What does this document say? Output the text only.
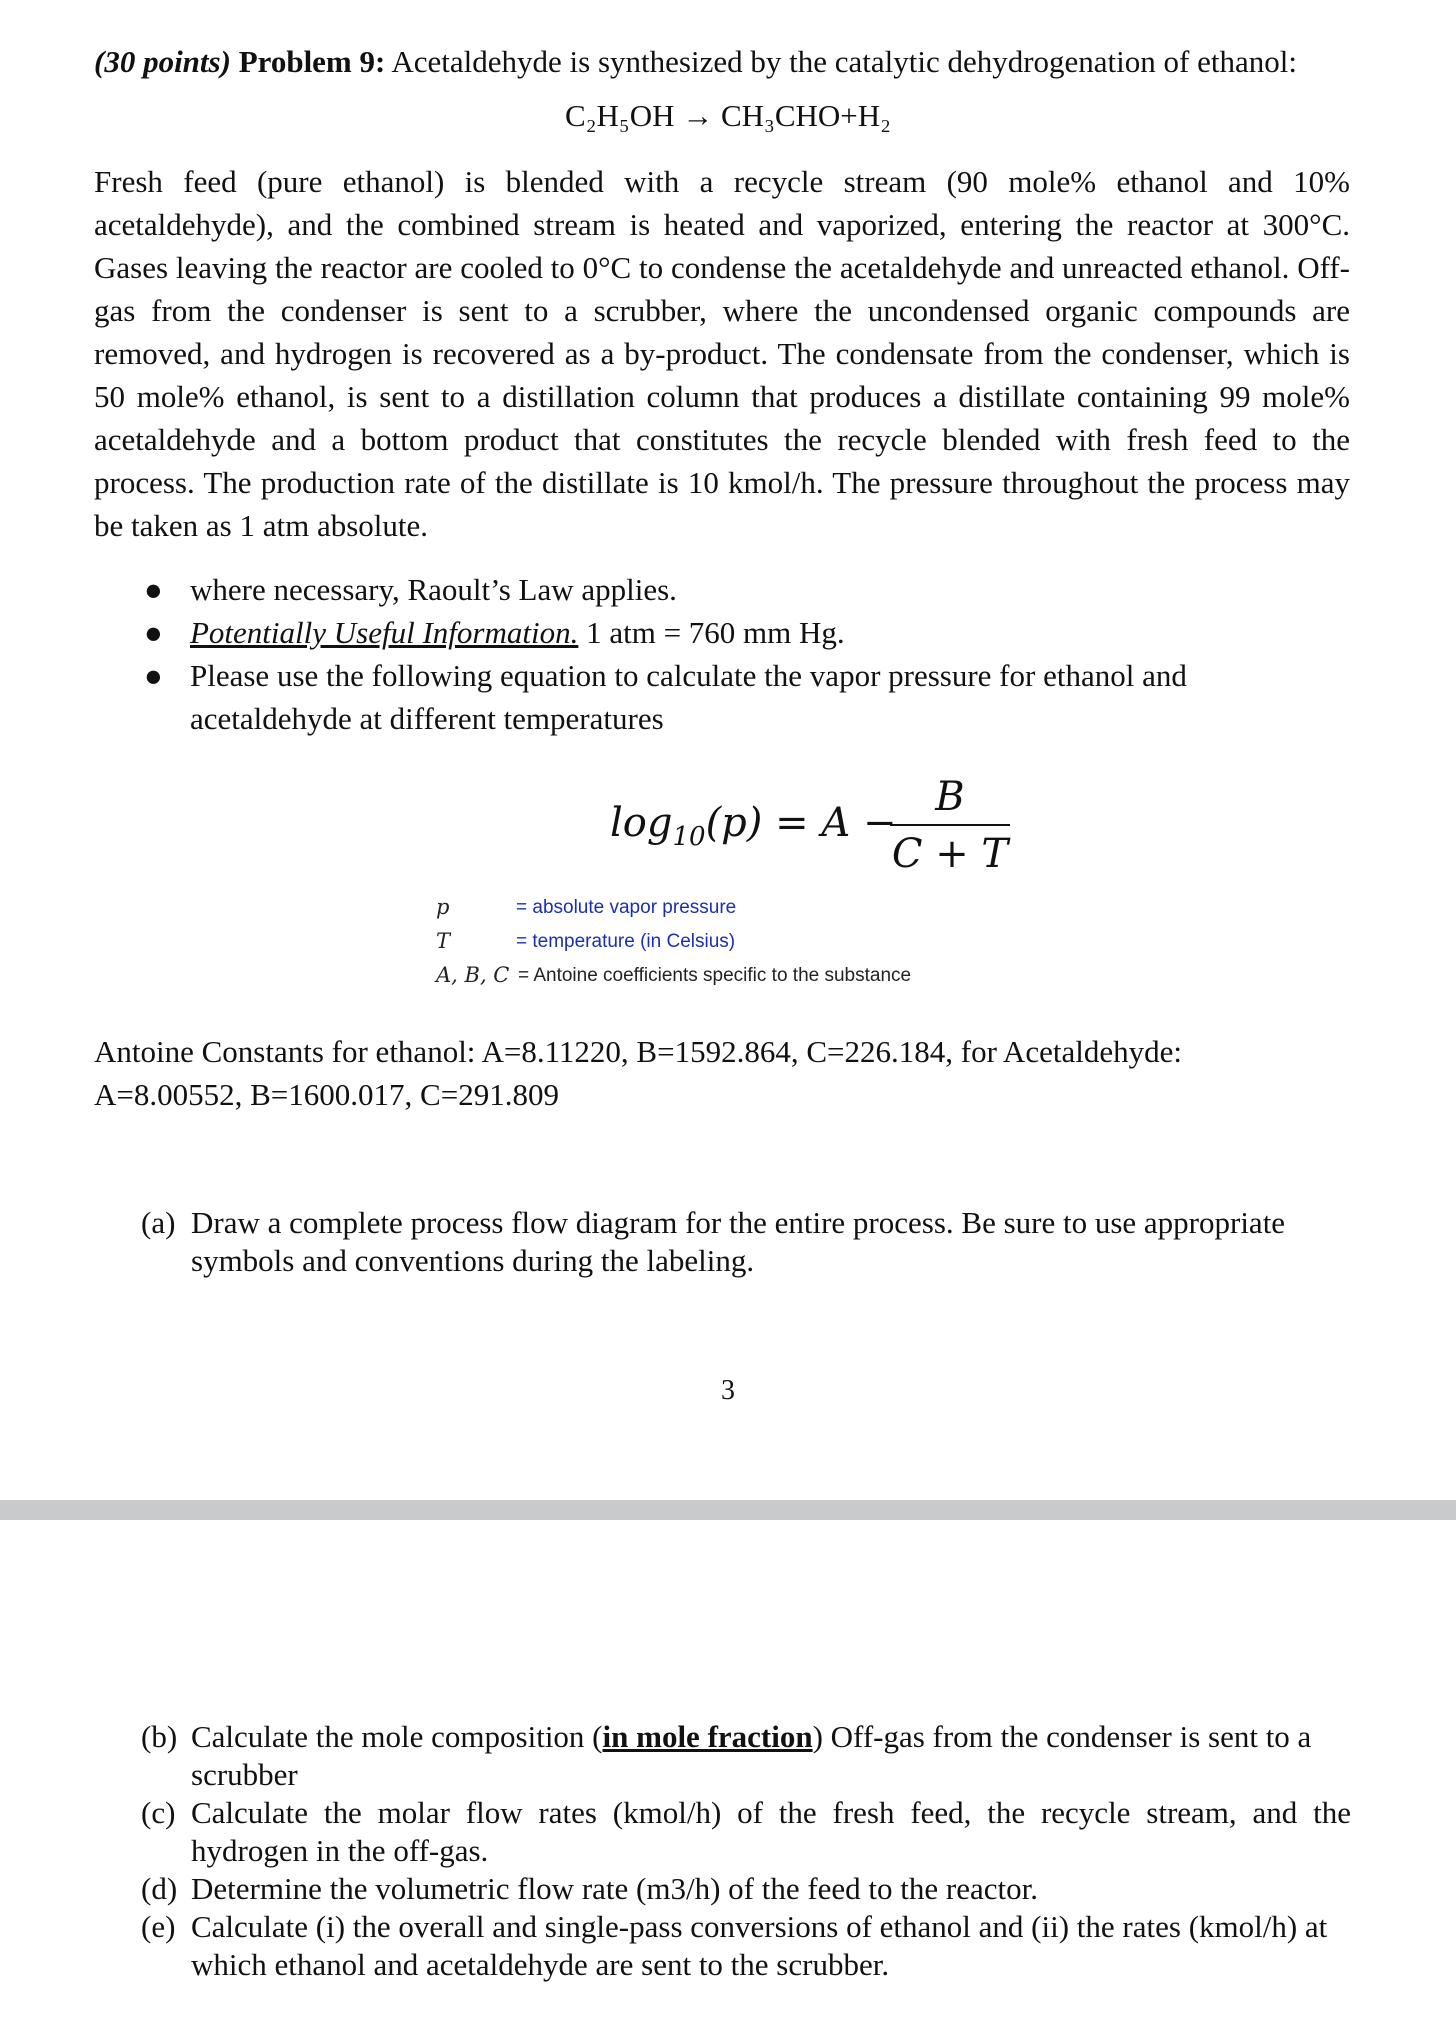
(30 points) Problem 9: Acetaldehyde is synthesized by the catalytic dehydrogenation of ethanol:
C₂H₅OH → CH₃CHO+H₂

Fresh feed (pure ethanol) is blended with a recycle stream (90 mole% ethanol and 10% acetaldehyde), and the combined stream is heated and vaporized, entering the reactor at 300°C. Gases leaving the reactor are cooled to 0°C to condense the acetaldehyde and unreacted ethanol. Off-gas from the condenser is sent to a scrubber, where the uncondensed organic compounds are removed, and hydrogen is recovered as a by-product. The condensate from the condenser, which is 50 mole% ethanol, is sent to a distillation column that produces a distillate containing 99 mole% acetaldehyde and a bottom product that constitutes the recycle blended with fresh feed to the process. The production rate of the distillate is 10 kmol/h. The pressure throughout the process may be taken as 1 atm absolute.

● where necessary, Raoult’s Law applies.
● Potentially Useful Information. 1 atm = 760 mm Hg.
● Please use the following equation to calculate the vapor pressure for ethanol and acetaldehyde at different temperatures
$\log_{10}(p) = A$ −
B
C + T
p	= absolute vapor pressure
T	= temperature (in Celsius)
A, B, C = Antoine coefficients specific to the substance
Antoine Constants for ethanol: A=8.11220, B=1592.864, C=226.184, for Acetaldehyde:
A=8.00552, B=1600.017, C=291.809
(a) Draw a complete process flow diagram for the entire process. Be sure to use appropriate symbols and conventions during the labeling.
3
(b) Calculate the mole composition (in mole fraction) Off-gas from the condenser is sent to a scrubber
(c) Calculate the molar flow rates (kmol/h) of the fresh feed, the recycle stream, and the hydrogen in the off-gas.
(d) Determine the volumetric flow rate (m3/h) of the feed to the reactor.
(e) Calculate (i) the overall and single-pass conversions of ethanol and (ii) the rates (kmol/h) at which ethanol and acetaldehyde are sent to the scrubber.
